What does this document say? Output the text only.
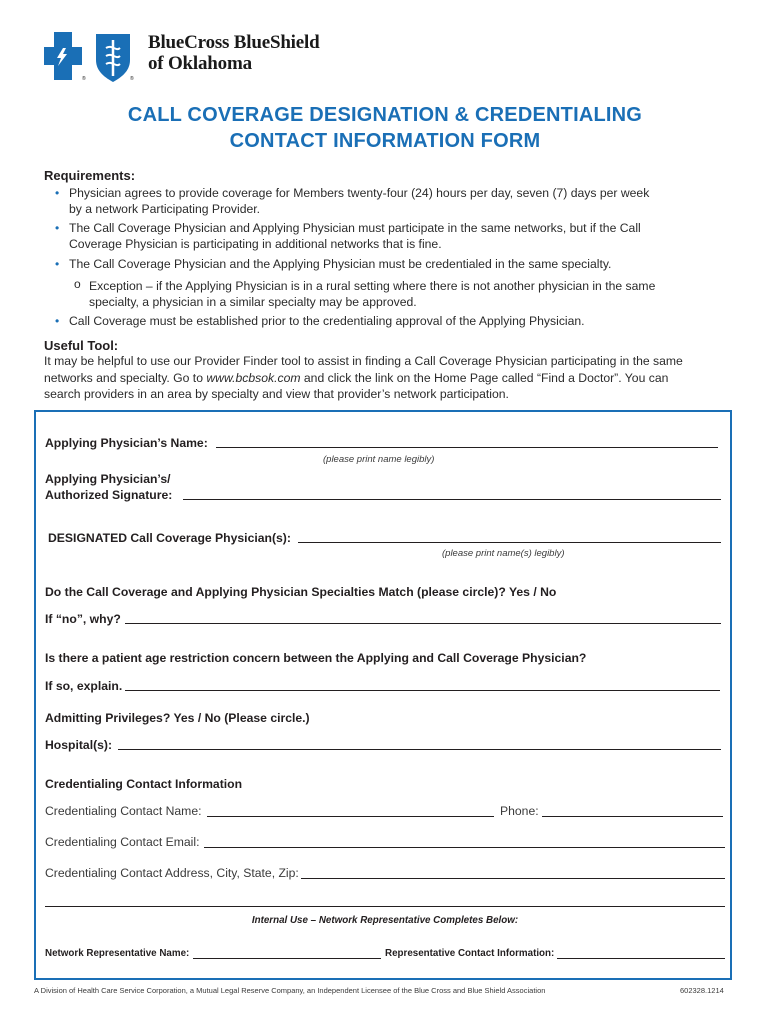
®	®
BlueCross BlueShield
of Oklahoma
CALL COVERAGE DESIGNATION & CREDENTIALING
CONTACT INFORMATION FORM
Requirements:
• Physician agrees to provide coverage for Members twenty-four (24) hours per day, seven (7) days per week
by a network Participating Provider.
• The Call Coverage Physician and Applying Physician must participate in the same networks, but if the Call
Coverage Physician is participating in additional networks that is fine.
• The Call Coverage Physician and the Applying Physician must be credentialed in the same specialty.
o Exception – if the Applying Physician is in a rural setting where there is not another physician in the same
specialty, a physician in a similar specialty may be approved.
• Call Coverage must be established prior to the credentialing approval of the Applying Physician.
Useful Tool:
It may be helpful to use our Provider Finder tool to assist in finding a Call Coverage Physician participating in the same
networks and specialty. Go to www.bcbsok.com and click the link on the Home Page called “Find a Doctor”. You can
search providers in an area by specialty and view that provider’s network participation.
Applying Physician’s Name:
(please print name legibly)
Applying Physician’s/
Authorized Signature:
DESIGNATED Call Coverage Physician(s):
(please print name(s) legibly)
Do the Call Coverage and Applying Physician Specialties Match (please circle)? Yes / No
If “no”, why?
Is there a patient age restriction concern between the Applying and Call Coverage Physician?
If so, explain.
Admitting Privileges? Yes / No (Please circle.)
Hospital(s):
Credentialing Contact Information
Credentialing Contact Name:	Phone:
Credentialing Contact Email:
Credentialing Contact Address, City, State, Zip:
Internal Use – Network Representative Completes Below:
Network Representative Name:	Representative Contact Information:
A Division of Health Care Service Corporation, a Mutual Legal Reserve Company, an Independent Licensee of the Blue Cross and Blue Shield Association	602328.1214
